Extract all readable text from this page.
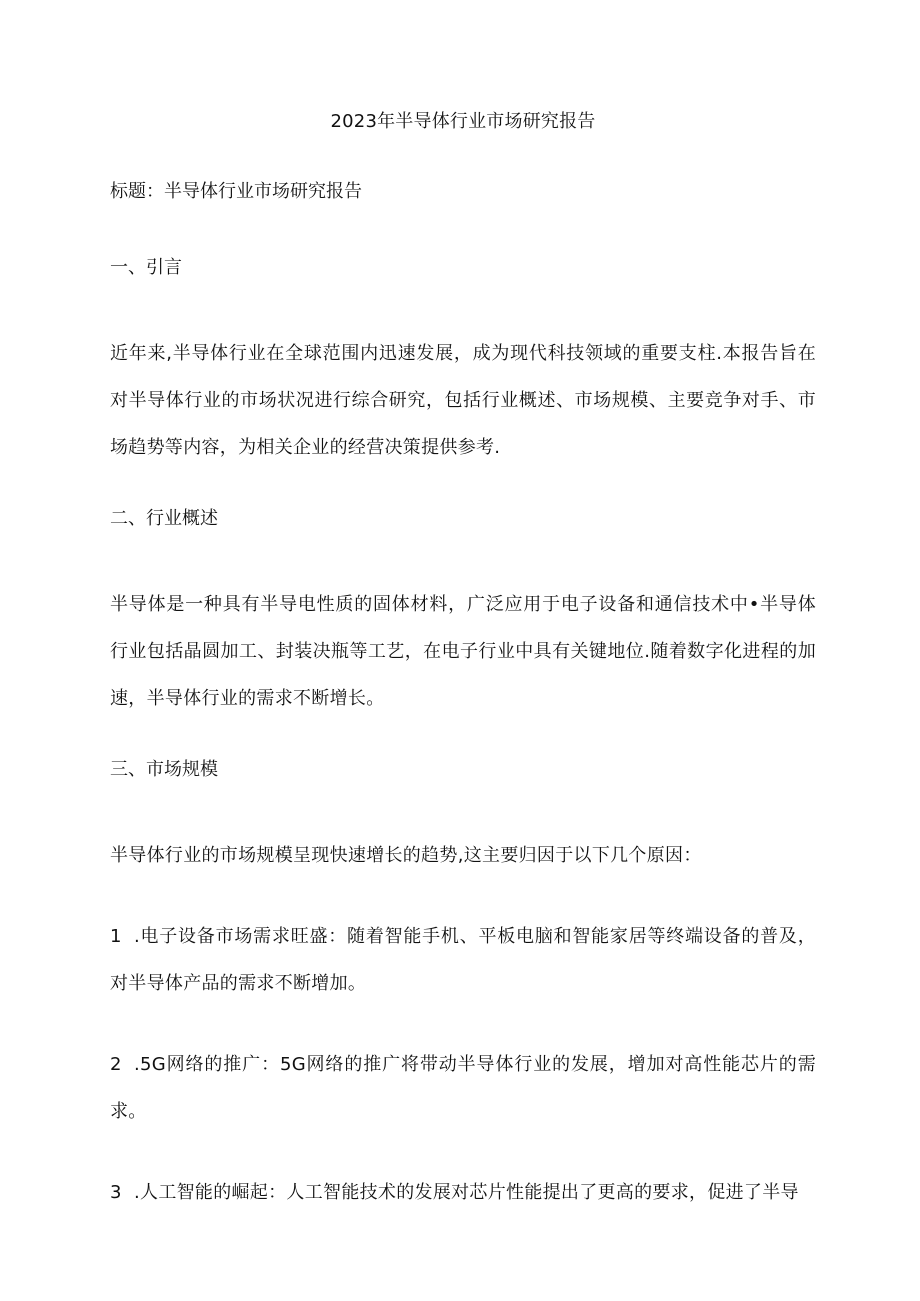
2023年半导体行业市场研究报告

标题：半导体行业市场研究报告

一、引言

近年来,半导体行业在全球范围内迅速发展，成为现代科技领域的重要支柱.本报告旨在对半导体行业的市场状况进行综合研究，包括行业概述、市场规模、主要竞争对手、市场趋势等内容，为相关企业的经营决策提供参考.

二、行业概述

半导体是一种具有半导电性质的固体材料，广泛应用于电子设备和通信技术中•半导体行业包括晶圆加工、封装决瓶等工艺，在电子行业中具有关键地位.随着数字化进程的加速，半导体行业的需求不断增长。

三、市场规模

半导体行业的市场规模呈现快速增长的趋势,这主要归因于以下几个原因：

1 .电子设备市场需求旺盛：随着智能手机、平板电脑和智能家居等终端设备的普及，对半导体产品的需求不断增加。

2 .5G网络的推广：5G网络的推广将带动半导体行业的发展，增加对高性能芯片的需求。

3 .人工智能的崛起：人工智能技术的发展对芯片性能提出了更高的要求，促进了半导
